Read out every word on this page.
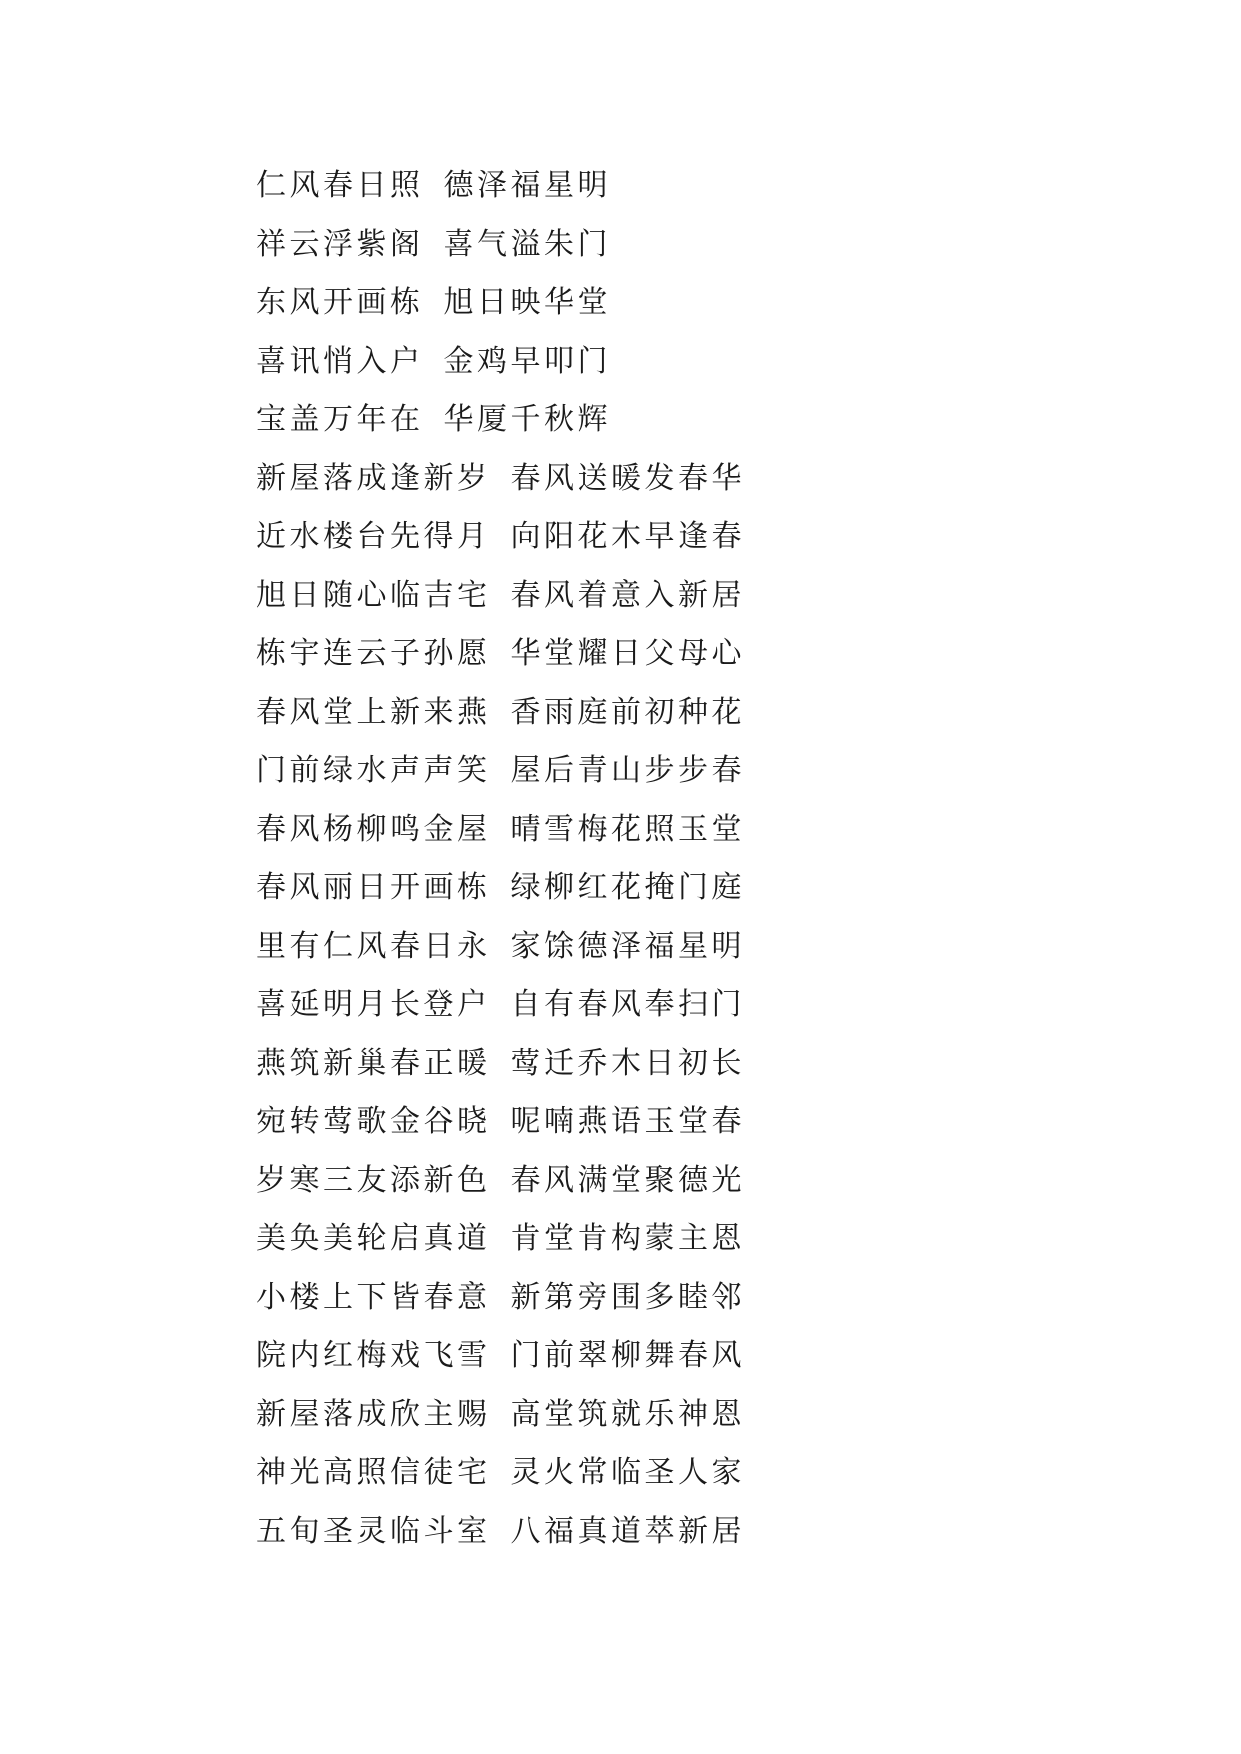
仁风春日照 德泽福星明
祥云浮紫阁 喜气溢朱门
东风开画栋 旭日映华堂
喜讯悄入户 金鸡早叩门
宝盖万年在 华厦千秋辉
新屋落成逢新岁 春风送暖发春华
近水楼台先得月 向阳花木早逢春
旭日随心临吉宅 春风着意入新居
栋宇连云子孙愿 华堂耀日父母心
春风堂上新来燕 香雨庭前初种花
门前绿水声声笑 屋后青山步步春
春风杨柳鸣金屋 晴雪梅花照玉堂
春风丽日开画栋 绿柳红花掩门庭
里有仁风春日永 家馀德泽福星明
喜延明月长登户 自有春风奉扫门
燕筑新巢春正暖 莺迁乔木日初长
宛转莺歌金谷晓 呢喃燕语玉堂春
岁寒三友添新色 春风满堂聚德光
美奂美轮启真道 肯堂肯构蒙主恩
小楼上下皆春意 新第旁围多睦邻
院内红梅戏飞雪 门前翠柳舞春风
新屋落成欣主赐 高堂筑就乐神恩
神光高照信徒宅 灵火常临圣人家
五旬圣灵临斗室 八福真道萃新居
